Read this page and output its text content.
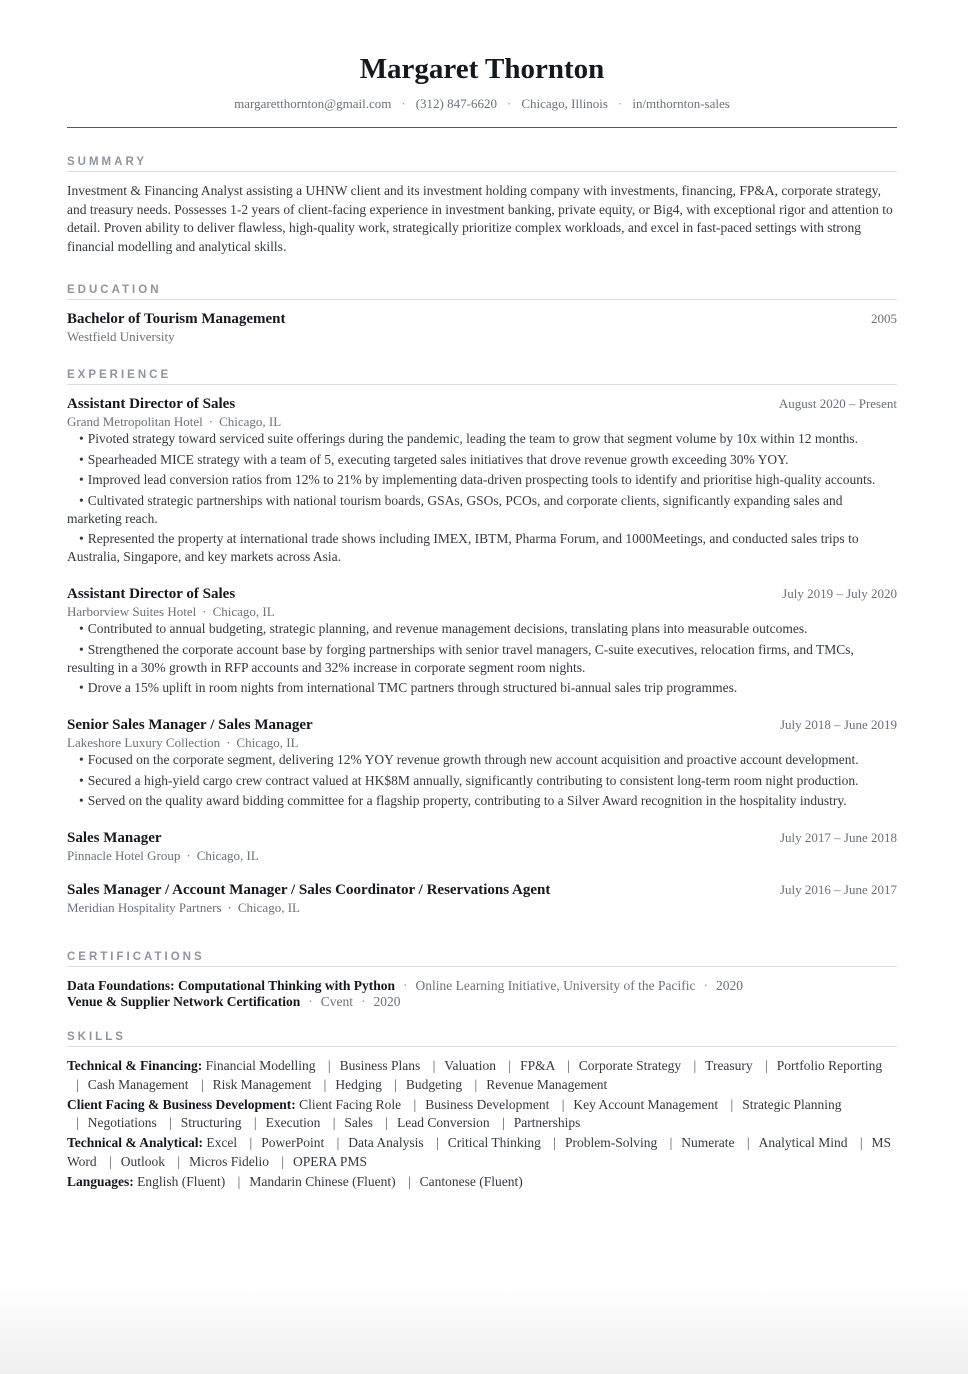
Margaret Thornton
margaretthornton@gmail.com · (312) 847-6620 · Chicago, Illinois · in/mthornton-sales
SUMMARY
Investment & Financing Analyst assisting a UHNW client and its investment holding company with investments, financing, FP&A, corporate strategy, and treasury needs. Possesses 1-2 years of client-facing experience in investment banking, private equity, or Big4, with exceptional rigor and attention to detail. Proven ability to deliver flawless, high-quality work, strategically prioritize complex workloads, and excel in fast-paced settings with strong financial modelling and analytical skills.
EDUCATION
Bachelor of Tourism Management	2005
Westfield University
EXPERIENCE
Assistant Director of Sales	August 2020 – Present
Grand Metropolitan Hotel · Chicago, IL
• Pivoted strategy toward serviced suite offerings during the pandemic, leading the team to grow that segment volume by 10x within 12 months.
• Spearheaded MICE strategy with a team of 5, executing targeted sales initiatives that drove revenue growth exceeding 30% YOY.
• Improved lead conversion ratios from 12% to 21% by implementing data-driven prospecting tools to identify and prioritise high-quality accounts.
• Cultivated strategic partnerships with national tourism boards, GSAs, GSOs, PCOs, and corporate clients, significantly expanding sales and marketing reach.
• Represented the property at international trade shows including IMEX, IBTM, Pharma Forum, and 1000Meetings, and conducted sales trips to Australia, Singapore, and key markets across Asia.
Assistant Director of Sales	July 2019 – July 2020
Harborview Suites Hotel · Chicago, IL
• Contributed to annual budgeting, strategic planning, and revenue management decisions, translating plans into measurable outcomes.
• Strengthened the corporate account base by forging partnerships with senior travel managers, C-suite executives, relocation firms, and TMCs, resulting in a 30% growth in RFP accounts and 32% increase in corporate segment room nights.
• Drove a 15% uplift in room nights from international TMC partners through structured bi-annual sales trip programmes.
Senior Sales Manager / Sales Manager	July 2018 – June 2019
Lakeshore Luxury Collection · Chicago, IL
• Focused on the corporate segment, delivering 12% YOY revenue growth through new account acquisition and proactive account development.
• Secured a high-yield cargo crew contract valued at HK$8M annually, significantly contributing to consistent long-term room night production.
• Served on the quality award bidding committee for a flagship property, contributing to a Silver Award recognition in the hospitality industry.
Sales Manager	July 2017 – June 2018
Pinnacle Hotel Group · Chicago, IL
Sales Manager / Account Manager / Sales Coordinator / Reservations Agent	July 2016 – June 2017
Meridian Hospitality Partners · Chicago, IL
CERTIFICATIONS
Data Foundations: Computational Thinking with Python · Online Learning Initiative, University of the Pacific · 2020
Venue & Supplier Network Certification · Cvent · 2020
SKILLS
Technical & Financing: Financial Modelling | Business Plans | Valuation | FP&A | Corporate Strategy | Treasury | Portfolio Reporting | Cash Management | Risk Management | Hedging | Budgeting | Revenue Management
Client Facing & Business Development: Client Facing Role | Business Development | Key Account Management | Strategic Planning | Negotiations | Structuring | Execution | Sales | Lead Conversion | Partnerships
Technical & Analytical: Excel | PowerPoint | Data Analysis | Critical Thinking | Problem-Solving | Numerate | Analytical Mind | MS Word | Outlook | Micros Fidelio | OPERA PMS
Languages: English (Fluent) | Mandarin Chinese (Fluent) | Cantonese (Fluent)
